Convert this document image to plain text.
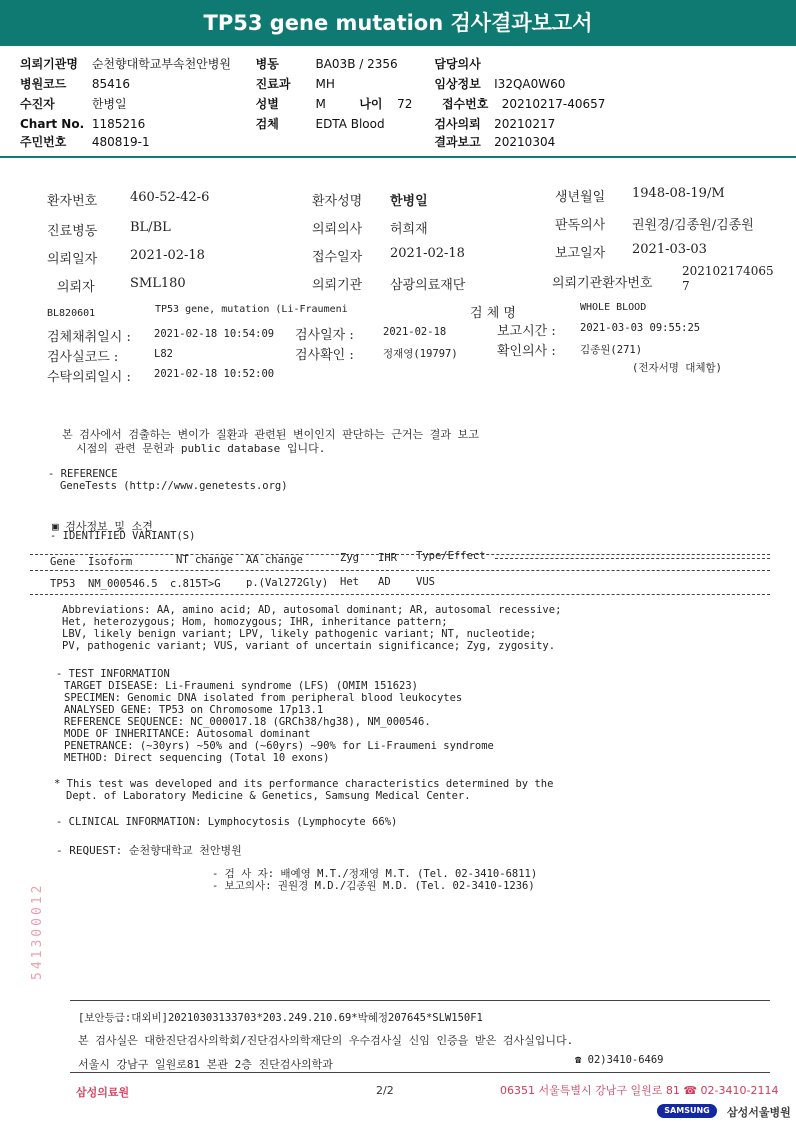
TP53 gene mutation 검사결과보고서
의뢰기관명 순천향대학교부속천안병원 병동	BA03B / 2356	담당의사
병원코드 85416	진료과 MH	임상정보 I32QA0W60
수진자	한병일	성별	M	나이 72 접수번호 20210217-40657
Chart No. 1185216	검체	EDTA Blood	검사의뢰 20210217
주민번호 480819-1	결과보고 20210304
환자번호	460-52-42-6	환자성명 한병일	생년월일 1948-08-19/M
진료병동	BL/BL	의뢰의사 허희재	판독의사 권원경/김종원/김종원
의뢰일자	2021-02-18	접수일자 2021-02-18	보고일자 2021-03-03
의뢰자	SML180	의뢰기관 삼광의료재단	의뢰기관환자번호
202102174065
7
BL820601	TP53 gene, mutation (Li-Fraumeni	검 체 명	WHOLE BLOOD
검체채취일시 : 2021-02-18 10:54:09 검사일자 :	2021-02-18	보고시간 : 2021-03-03 09:55:25
검사실코드 :	L82	검사확인 :	정재영(19797)	확인의사 : 김종원(271)
수탁의뢰일시 : 2021-02-18 10:52:00	(전자서명 대체함)
본 검사에서 검출하는 변이가 질환과 관련된 변이인지 판단하는 근거는 결과 보고
시점의 관련 문헌과 public database 입니다.
- REFERENCE
GeneTests (http://www.genetests.org)
▣ 검사정보 및 소견
- IDENTIFIED VARIANT(S)
Gene Isoform	NT change AA change	Zyg IHR Type/Effect
TP53 NM_000546.5 c.815T>G p.(Val272Gly) Het AD VUS
Abbreviations: AA, amino acid; AD, autosomal dominant; AR, autosomal recessive;
Het, heterozygous; Hom, homozygous; IHR, inheritance pattern;
LBV, likely benign variant; LPV, likely pathogenic variant; NT, nucleotide;
PV, pathogenic variant; VUS, variant of uncertain significance; Zyg, zygosity.
- TEST INFORMATION
TARGET DISEASE: Li-Fraumeni syndrome (LFS) (OMIM 151623)
SPECIMEN: Genomic DNA isolated from peripheral blood leukocytes
ANALYSED GENE: TP53 on Chromosome 17p13.1
REFERENCE SEQUENCE: NC_000017.18 (GRCh38/hg38), NM_000546.
MODE OF INHERITANCE: Autosomal dominant
PENETRANCE: (~30yrs) ~50% and (~60yrs) ~90% for Li-Fraumeni syndrome
METHOD: Direct sequencing (Total 10 exons)
* This test was developed and its performance characteristics determined by the
Dept. of Laboratory Medicine & Genetics, Samsung Medical Center.
- CLINICAL INFORMATION: Lymphocytosis (Lymphocyte 66%)
- REQUEST: 순천향대학교 천안병원
- 검 사 자: 배예영 M.T./정재영 M.T. (Tel. 02-3410-6811)
- 보고의사: 권원경 M.D./김종원 M.D. (Tel. 02-3410-1236)
[보안등급:대외비]20210303133703*203.249.210.69*박혜정207645*SLW150F1
본 검사실은 대한진단검사의학회/진단검사의학재단의 우수검사실 신임 인증을 받은 검사실입니다.
서울시 강남구 일원로81 본관 2층 진단검사의학과	☎ 02)3410-6469
541300012
삼성의료원	2/2	06351 서울특별시 강남구 일원로 81 ☎ 02-3410-2114
SAMSUNG	삼성서울병원
